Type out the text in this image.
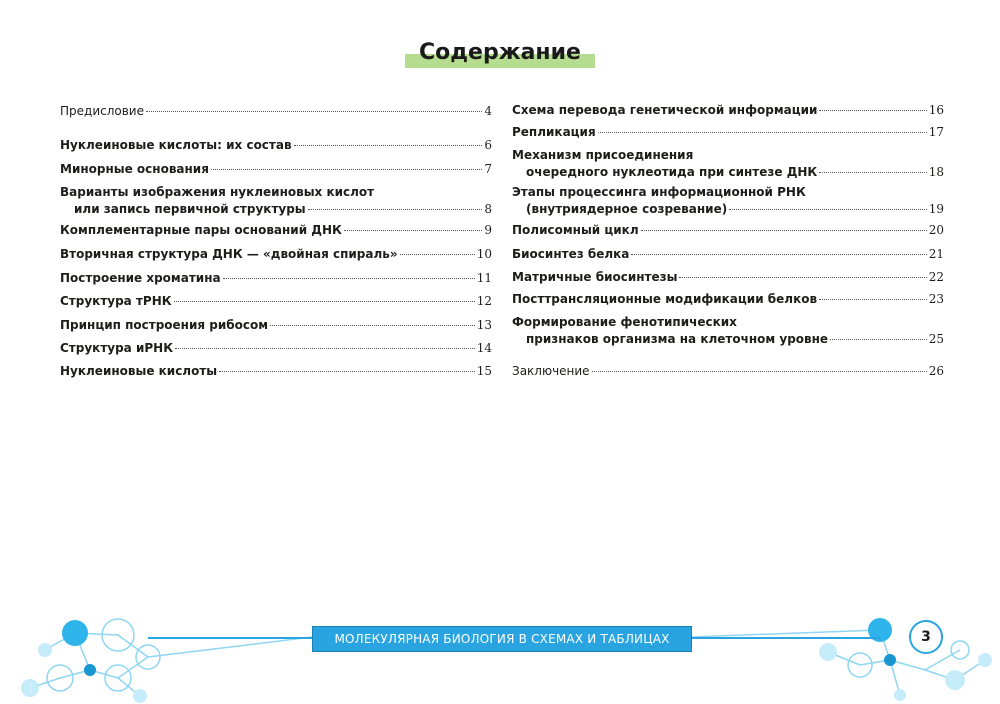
Содержание
Предисловие	4
Нуклеиновые кислоты: их состав	6
Минорные основания	7
Варианты изображения нуклеиновых кислот
или запись первичной структуры	8
Комплементарные пары оснований ДНК	9
Вторичная структура ДНК — «двойная спираль»	10
Построение хроматина	11
Структура тРНК	12
Принцип построения рибосом	13
Структура иРНК	14
Нуклеиновые кислоты	15
Схема перевода генетической информации	16
Репликация	17
Механизм присоединения
очередного нуклеотида при синтезе ДНК	18
Этапы процессинга информационной РНК
(внутриядерное созревание)	19
Полисомный цикл	20
Биосинтез белка	21
Матричные биосинтезы	22
Посттрансляционные модификации белков	23
Формирование фенотипических
признаков организма на клеточном уровне	25
Заключение	26
МОЛЕКУЛЯРНАЯ БИОЛОГИЯ В СХЕМАХ И ТАБЛИЦАХ	3
